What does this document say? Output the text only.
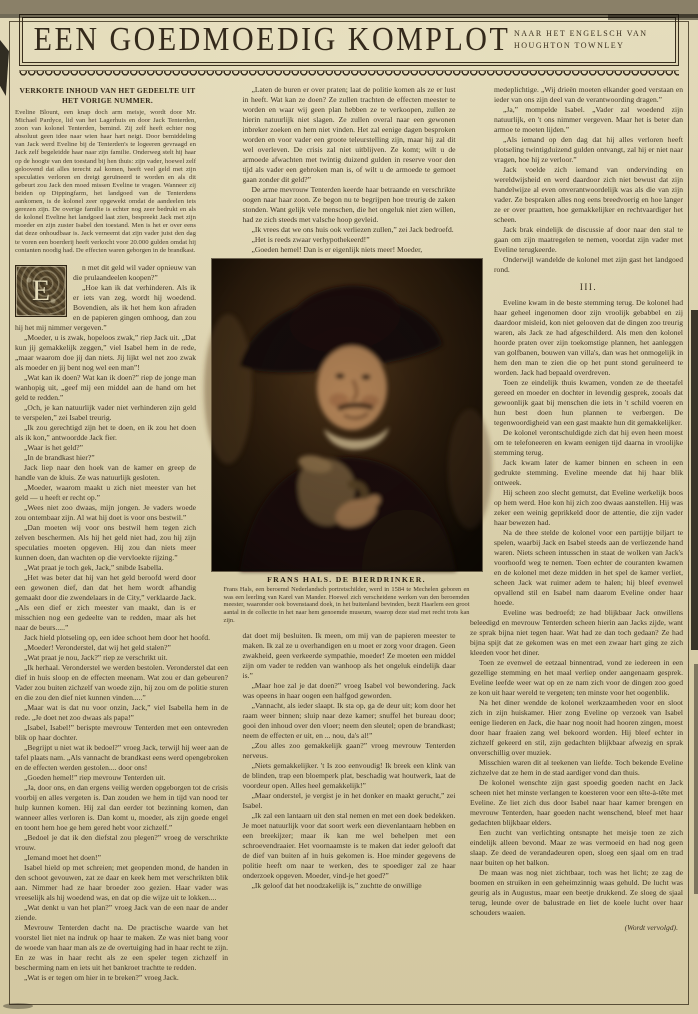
EEN GOEDMOEDIG KOMPLOT NAAR HET ENGELSCH VAN
HOUGHTON TOWNLEY
VERKORTE INHOUD VAN HET GEDEELTE UIT HET VORIGE NUMMER.

Eveline Blount, een knap doch arm meisje, wordt door Mr. Michael Pardyce, lid van het Lagerhuis en door Jack Tenterden, zoon van kolonel Tenterden, bemind. Zij zelf heeft echter nog absoluut geen idee naar wien haar hart neigt. Door bemiddeling van Jack werd Eveline bij de Tenterden's te logeeren gevraagd en Jack zelf begeleidde haar naar zijn familie. Onderweg stelt hij haar op de hoogte van den toestand bij hen thuis: zijn vader, hoewel zelf geloovend dat alles terecht zal komen, heeft veel geld met zijn speculaties verloren en dreigt geruïneerd te worden en als dit gebeurt zou Jack den moed missen Eveline te vragen. Wanneer zij beiden op Dippingfarm, het landgoed van de Tenterdens aankomen, is de kolonel zeer opgewekt omdat de aandeelen iets gerezen zijn. De overige familie is echter nog zeer bedrukt en als de kolonel Eveline het landgoed laat zien, bespreekt Jack met zijn moeder en zijn zuster Isabel den toestand. Men is het er over eens dat deze onhoudbaar is. Jack verneemt dat zijn vader juist den dag te voren een boerderij heeft verkocht voor 20.000 gulden omdat hij contanten noodig had. De effecten waren geborgen in de brandkast.

E

n met dit geld wil vader opnieuw van die prulaandeelen koopen?”

„Hoe kan ik dat verhinderen. Als ik er iets van zeg, wordt hij woedend. Bovendien, als ik het hem kon afraden en de papieren gingen omhoog, dan zou hij het mij nimmer vergeven.”

„Moeder, u is zwak, hopeloos zwak,” riep Jack uit. „Dat kun jij gemakkelijk zeggen,” viel Isabel hem in de rede, „maar waarom doe jij dan niets. Jij lijkt wel net zoo zwak als moeder en jij bent nog wel een man”!

„Wat kan ik doen? Wat kan ik doen?” riep de jonge man wanhopig uit, „geef mij een middel aan de hand om het geld te redden.”

„Och, je kan natuurlijk vader niet verhinderen zijn geld te verspelen,” zei Isabel treurig.

„Ik zou gerechtigd zijn het te doen, en ik zou het doen als ik kon,” antwoordde Jack fier.

„Waar is het geld?”

„In de brandkast hier?”

Jack liep naar den hoek van de kamer en greep de handle van de kluis. Ze was natuurlijk gesloten.

„Moeder, waarom maakt u zich niet meester van het geld — u heeft er recht op.”

„Wees niet zoo dwaas, mijn jongen. Je vaders woede zou ontembaar zijn. Al wat hij doet is voor ons bestwil.”

„Dan moeten wij voor ons bestwil hem tegen zich zelven beschermen. Als hij het geld niet had, zou hij zijn speculaties moeten opgeven. Hij zou dan niets meer kunnen doen, dan wachten op die vervloekte rijzing.”

„Wat praat je toch gek, Jack,” snibde Isabella.

„Het was beter dat hij van het geld beroofd werd door een gewonen dief, dan dat het hem wordt afhandig gemaakt door die zwendelaars in de City,” verklaarde Jack. „Als een dief er zich meester van maakt, dan is er misschien nog een gedeelte van te redden, maar als het naar de beurs.....”

Jack hield plotseling op, een idee schoot hem door het hoofd.

„Moeder! Veronderstel, dat wij het geld stalen?”

„Wat praat je nou, Jack?” riep ze verschrikt uit.

„Ik herhaal. Veronderstel we werden bestolen. Veronderstel dat een dief in huis sloop en de effecten meenam. Wat zou er dan gebeuren? Vader zou buiten zichzelf van woede zijn, hij zou om de politie sturen en die zou den dief niet kunnen vinden.....”

„Maar wat is dat nu voor onzin, Jack,” viel Isabella hem in de rede. „Je doet net zoo dwaas als papa!”

„Isabel, Isabel!” berispte mevrouw Tenterden met een ontevreden blik op haar dochter.

„Begrijpt u niet wat ik bedoel?” vroeg Jack, terwijl hij weer aan de tafel plaats nam. „Als vannacht de brandkast eens werd opengebroken en de effecten werden gestolen.... door ons!

„Goeden hemel!” riep mevrouw Tenterden uit.

„Ja, door ons, en dan ergens veilig werden opgeborgen tot de crisis voorbij en alles vergeten is. Dan zouden we hem in tijd van nood ter hulp kunnen komen. Hij zal dan eerder tot bezinning komen, dan wanneer alles verloren is. Dan komt u, moeder, als zijn goede engel en toont hem hoe ge hem gered hebt voor zichzelf.”

„Bedoel je dat ik den diefstal zou plegen?” vroeg de verschrikte vrouw.

„Iemand moet het doen!”

Isabel hield op met schreien; met geopenden mond, de handen in den schoot gevouwen, zat ze daar en keek hem met verschrikten blik aan. Nimmer had ze haar broeder zoo gezien. Haar vader was vreeselijk als hij woedend was, en dat op die wijze uit te lokken....

„Wat denkt u van het plan?” vroeg Jack van de een naar de ander ziende.

Mevrouw Tenterden dacht na. De practische waarde van het voorstel liet niet na indruk op haar te maken. Ze was niet bang voor de woede van haar man als ze de overtuiging had in haar recht te zijn. En ze was in haar recht als ze een speler tegen zichzelf in bescherming nam en iets uit het bankroet trachtte te redden.

„Wat is er tegen om hier in te breken?” vroeg Jack.

„Laten de buren er over praten; laat de politie komen als ze er lust in heeft. Wat kan ze doen? Ze zullen trachten de effecten meester te worden en waar wij geen plan hebben ze te verkoopen, zullen ze hierin natuurlijk niet slagen. Ze zullen overal naar een gewonen inbreker zoeken en hem niet vinden. Het zal eenige dagen besproken worden en voor vader een groote teleurstelling zijn, maar hij zal dit wel overleven. De crisis zal niet uitblijven. Ze komt; wilt u de armoede afwachten met twintig duizend gulden in reserve voor den tijd als vader een gebroken man is, of wilt u de armoede te gemoet gaan zonder dit geld?”

De arme mevrouw Tenterden keerde haar betraande en verschrikte oogen naar haar zoon. Ze begon nu te begrijpen hoe treurig de zaken stonden. Want gelijk vele menschen, die het ongeluk niet zien willen, had ze zich steeds met valsche hoop gevleid.

„Ik vrees dat we ons huis ook verliezen zullen,” zei Jack bedroefd.

„Het is reeds zwaar verhypothekeerd!”

„Goeden hemel! Dan is er eigenlijk niets meer! Moeder,

FRANS HALS. DE BIERDRINKER.
Frans Hals, een beroemd Nederlandsch portretschilder, werd in 1584 te Mechelen geboren en was een leerling van Karel van Mander. Hoewel zich verscheidene werken van den beroemden meester, waaronder ook bovenstaand doek, in het buitenland bevinden, bezit Haarlem een groot aantal in de collectie in het naar hem genoemde museum, waarop deze stad met recht trots kan zijn.

dat doet mij besluiten. Ik meen, om mij van de papieren meester te maken. Ik zal ze u overhandigen en u moet er zorg voor dragen. Geen zwakheid, geen verkeerde sympathie, moeder! Ze moeten een middel zijn om vader te redden van wanhoop als het ongeluk eindelijk daar is.”

„Maar hoe zal je dat doen?” vroeg Isabel vol bewondering. Jack was opeens in haar oogen een halfgod geworden.

„Vannacht, als ieder slaapt. Ik sta op, ga de deur uit; kom door het raam weer binnen; sluip naar deze kamer; snuffel het bureau door; gooi den inhoud over den vloer; neem den sleutel; open de brandkast; neem de effecten er uit, en ... nou, da's al!”

„Zou alles zoo gemakkelijk gaan?” vroeg mevrouw Tenterden nerveus.

„Niets gemakkelijker. 't Is zoo eenvoudig! Ik breek een klink van de blinden, trap een bloemperk plat, beschadig wat houtwerk, laat de voordeur open. Alles heel gemakkelijk!”

„Maar onderstel, je vergist je in het donker en maakt gerucht,” zei Isabel.

„Ik zal een lantaarn uit den stal nemen en met een doek bedekken. Je moet natuurlijk voor dat soort werk een dievenlantaarn hebben en een breekijzer; maar ik kan me wel behelpen met een schroevendraaier. Het voornaamste is te maken dat ieder gelooft dat de dief van buiten af in huis gekomen is. Hoe minder gegevens de politie heeft om naar te werken, des te spoediger zal ze haar onderzoek opgeven. Moeder, vind-je het goed?”

„Ik geloof dat het noodzakelijk is,” zuchtte de onwillige

medeplichtige. „Wij drieën moeten elkander goed verstaan en ieder van ons zijn deel van de verantwoording dragen.”

„Ja,” mompelde Isabel. „Vader zal woedend zijn natuurlijk, en 't ons nimmer vergeven. Maar het is beter dan armoe te moeten lijden.”

„Als iemand op den dag dat hij alles verloren heeft plotseling twintigduizend gulden ontvangt, zal hij er niet naar vragen, hoe hij ze verloor.”

Jack voelde zich iemand van ondervinding en wereldwijsheid en werd daardoor zich niet bewust dat zijn handelwijze al even onverantwoordelijk was als die van zijn vader. Ze bespraken alles nog eens breedvoerig en hoe langer ze er over praatten, hoe gemakkelijker en rechtvaardiger het scheen.

Jack brak eindelijk de discussie af door naar den stal te gaan om zijn maatregelen te nemen, voordat zijn vader met Eveline terugkeerde.

Onderwijl wandelde de kolonel met zijn gast het landgoed rond.

III.

Eveline kwam in de beste stemming terug. De kolonel had haar geheel ingenomen door zijn vroolijk gebabbel en zij daardoor misleid, kon niet gelooven dat de dingen zoo treurig waren, als Jack ze had afgeschilderd. Als men den kolonel hoorde praten over zijn toekomstige plannen, het aanleggen van golfbanen, bouwen van villa's, dan was het onmogelijk in hem den man te zien die op het punt stond geruïneerd te worden. Jack had bepaald overdreven.

Toen ze eindelijk thuis kwamen, vonden ze de theetafel gereed en moeder en dochter in levendig gesprek, zooals dat gewoonlijk gaat bij menschen die iets in 't schild voeren en hun best doen hun plannen te verbergen. De tegenwoordigheid van een gast maakte hun dit gemakkelijker.

De kolonel verontschuldigde zich dat hij even heen moest om te telefoneeren en kwam eenigen tijd daarna in vroolijke stemming terug.

Jack kwam later de kamer binnen en scheen in een gedrukte stemming. Eveline meende dat hij haar blik ontweek.

Hij scheen zoo slecht gemutst, dat Eveline werkelijk boos op hem werd. Hoe kon hij zich zoo dwaas aanstellen. Hij was zeker een weinig geprikkeld door de attentie, die zijn vader haar bewezen had.

Na de thee stelde de kolonel voor een partijtje biljart te spelen, waarbij Jack en Isabel steeds aan de verliezende hand waren. Niets scheen intusschen in staat de wolken van Jack's voorhoofd weg te nemen. Toen echter de couranten kwamen en de kolonel met deze midden in het spel de kamer verliet, scheen Jack wat ruimer adem te halen; hij bleef evenwel opvallend stil en Isabel nam daarom Eveline onder haar hoede.

Eveline was bedroefd; ze had blijkbaar Jack onwillens beleedigd en mevrouw Tenterden scheen hierin aan Jacks zijde, want ze sprak bijna niet tegen haar. Wat had ze dan toch gedaan? Ze had bijna spijt dat ze gekomen was en met een zwaar hart ging ze zich kleeden voor het diner.

Toen ze evenwel de eetzaal binnentrad, vond ze iedereen in een gezellige stemming en het maal verliep onder aangenaam gesprek. Eveline leefde weer wat op en ze nam zich voor de dingen zoo goed ze kon uit haar wereld te vergeten; ten minste voor het oogenblik.

Na het diner wendde de kolonel werkzaamheden voor en sloot zich in zijn huiskamer. Hier zong Eveline op verzoek van Isabel eenige liederen en Jack, die haar nog nooit had hooren zingen, moest door haar fraaien zang wel bekoord worden. Hij bleef echter in zichzelf gekeerd en stil, zijn gedachten blijkbaar afwezig en sprak onverschillig over muziek.

Misschien waren dit al teekenen van liefde. Toch bekende Eveline zichzelve dat ze hem in de stad aardiger vond dan thuis.

De kolonel wenschte zijn gast spoedig goeden nacht en Jack scheen niet het minste verlangen te koesteren voor een tête-à-tête met Eveline. Ze liet zich dus door Isabel naar haar kamer brengen en mevrouw Tenterden, haar goeden nacht wenschend, bleef met haar gedachten blijkbaar elders.

Een zucht van verlichting ontsnapte het meisje toen ze zich eindelijk alleen bevond. Maar ze was vermoeid en had nog geen slaap. Ze deed de verandadeuren open, sloeg een sjaal om en trad naar buiten op het balkon.

De maan was nog niet zichtbaar, toch was het licht; ze zag de boomen en struiken in een geheimzinnig waas gehuld. De lucht was geurig als in Augustus, maar een beetje drukkend. Ze sloeg de sjaal terug, leunde over de balustrade en liet de koele lucht over haar schouders waaien.

(Wordt vervolgd).
